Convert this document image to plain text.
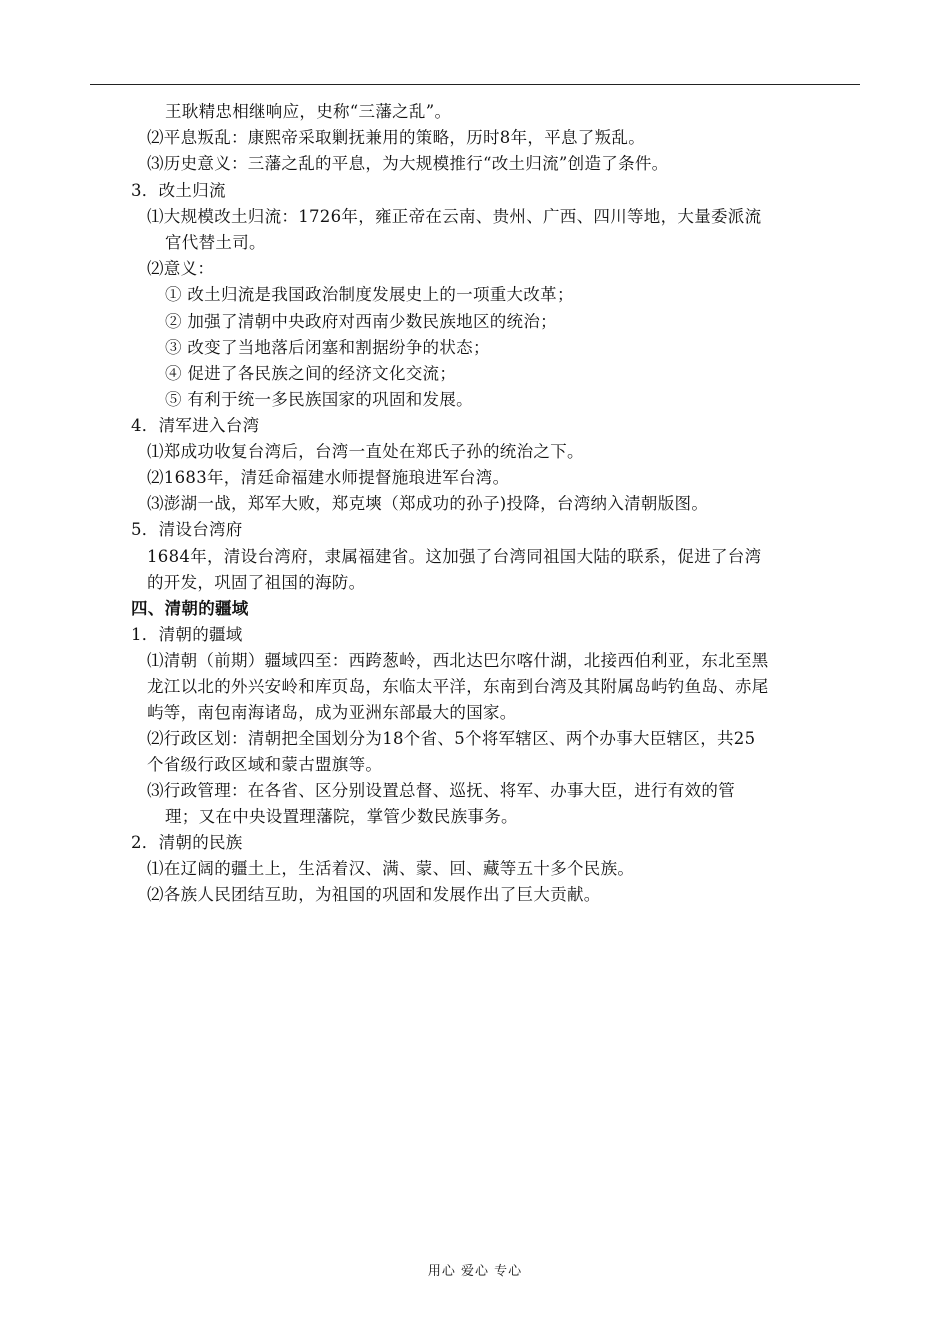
王耿精忠相继响应，史称“三藩之乱”。
⑵平息叛乱：康熙帝采取剿抚兼用的策略，历时8年，平息了叛乱。
⑶历史意义：三藩之乱的平息，为大规模推行“改土归流”创造了条件。
3．改土归流
⑴大规模改土归流：1726年，雍正帝在云南、贵州、广西、四川等地，大量委派流
官代替土司。
⑵意义：
① 改土归流是我国政治制度发展史上的一项重大改革；
② 加强了清朝中央政府对西南少数民族地区的统治；
③ 改变了当地落后闭塞和割据纷争的状态；
④ 促进了各民族之间的经济文化交流；
⑤ 有利于统一多民族国家的巩固和发展。
4．清军进入台湾
⑴郑成功收复台湾后，台湾一直处在郑氏子孙的统治之下。
⑵1683年，清廷命福建水师提督施琅进军台湾。
⑶澎湖一战，郑军大败，郑克塽（郑成功的孙子)投降，台湾纳入清朝版图。
5．清设台湾府
1684年，清设台湾府，隶属福建省。这加强了台湾同祖国大陆的联系，促进了台湾
的开发，巩固了祖国的海防。
四、清朝的疆域
1．清朝的疆域
⑴清朝（前期）疆域四至：西跨葱岭，西北达巴尔喀什湖，北接西伯利亚，东北至黑
龙江以北的外兴安岭和库页岛，东临太平洋，东南到台湾及其附属岛屿钓鱼岛、赤尾
屿等，南包南海诸岛，成为亚洲东部最大的国家。
⑵行政区划：清朝把全国划分为18个省、5个将军辖区、两个办事大臣辖区，共25
个省级行政区域和蒙古盟旗等。
⑶行政管理：在各省、区分别设置总督、巡抚、将军、办事大臣，进行有效的管
理；又在中央设置理藩院，掌管少数民族事务。
2．清朝的民族
⑴在辽阔的疆土上，生活着汉、满、蒙、回、藏等五十多个民族。
⑵各族人民团结互助，为祖国的巩固和发展作出了巨大贡献。
用心 爱心 专心
